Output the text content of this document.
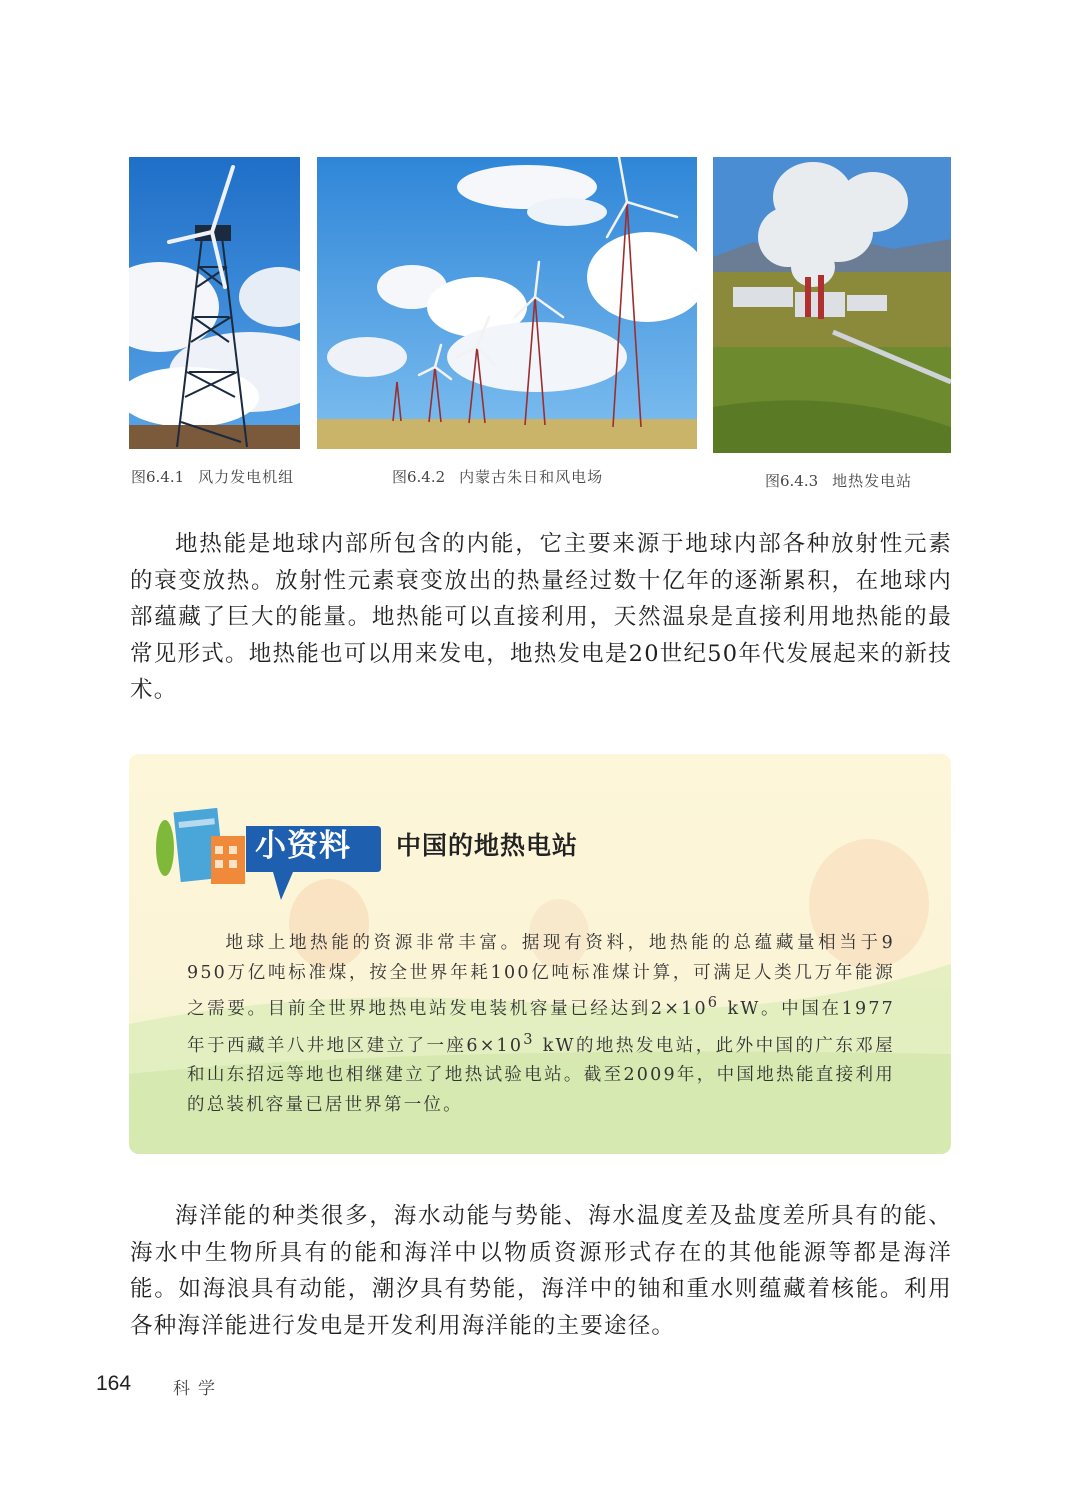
图6.4.1 风力发电机组	图6.4.2 内蒙古朱日和风电场	图6.4.3 地热发电站

地热能是地球内部所包含的内能，它主要来源于地球内部各种放射性元素的衰变放热。放射性元素衰变放出的热量经过数十亿年的逐渐累积，在地球内部蕴藏了巨大的能量。地热能可以直接利用，天然温泉是直接利用地热能的最常见形式。地热能也可以用来发电，地热发电是20世纪50年代发展起来的新技术。

小资料 中国的地热电站

地球上地热能的资源非常丰富。据现有资料，地热能的总蕴藏量相当于9 950万亿吨标准煤，按全世界年耗100亿吨标准煤计算，可满足人类几万年能源之需要。目前全世界地热电站发电装机容量已经达到$2\times 10^6$ kW。中国在1977年于西藏羊八井地区建立了一座$6\times 10^3$ kW的地热发电站，此外中国的广东邓屋和山东招远等地也相继建立了地热试验电站。截至2009年，中国地热能直接利用的总装机容量已居世界第一位。

海洋能的种类很多，海水动能与势能、海水温度差及盐度差所具有的能、海水中生物所具有的能和海洋中以物质资源形式存在的其他能源等都是海洋能。如海浪具有动能，潮汐具有势能，海洋中的铀和重水则蕴藏着核能。利用各种海洋能进行发电是开发利用海洋能的主要途径。

164 科学
